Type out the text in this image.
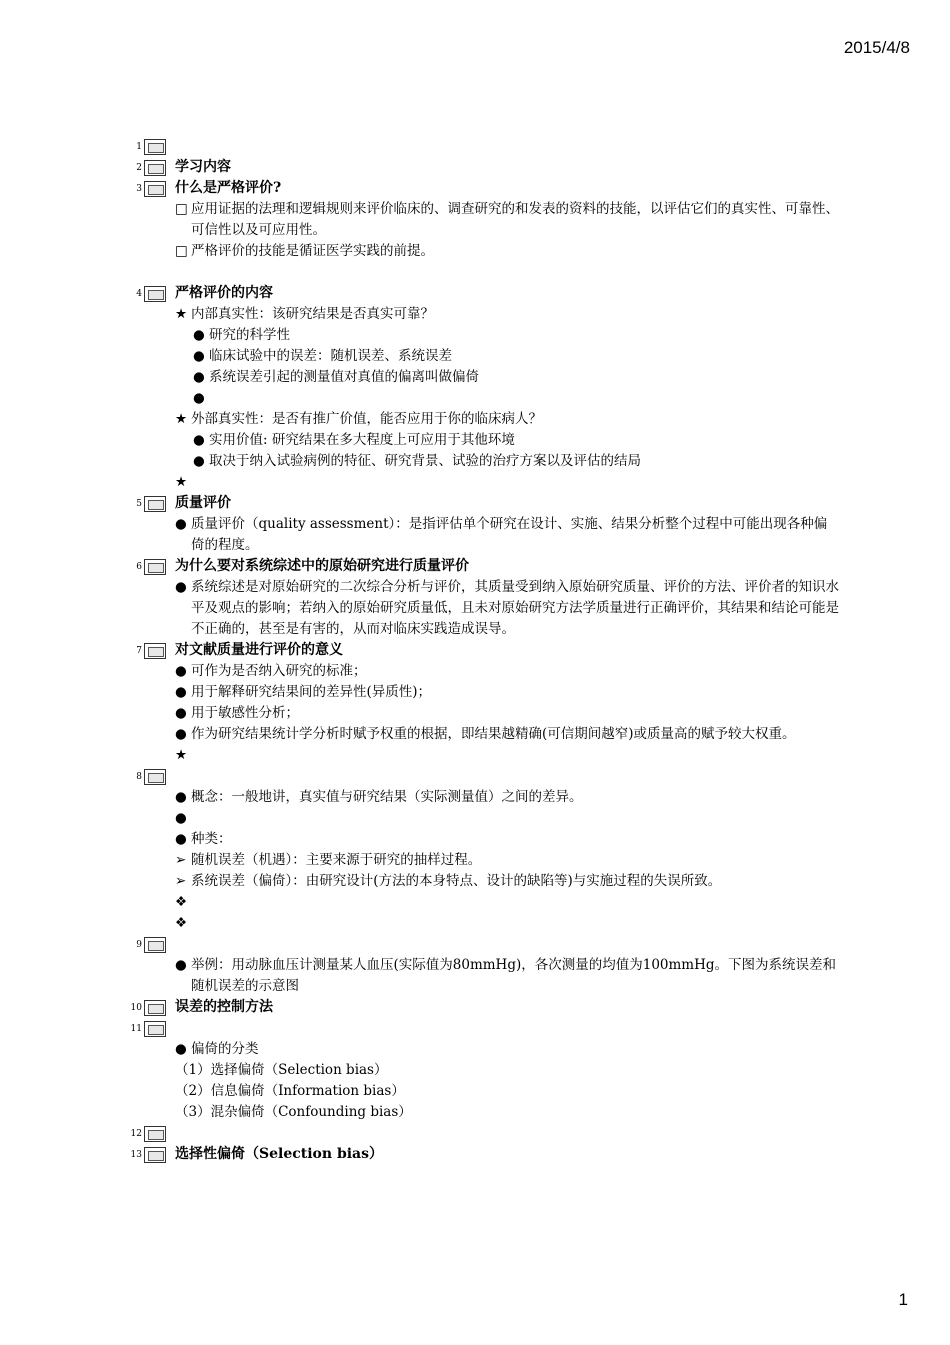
2015/4/8
1
2 学习内容
3 什么是严格评价?
□ 应用证据的法理和逻辑规则来评价临床的、调查研究的和发表的资料的技能，以评估它们的真实性、可靠性、可信性以及可应用性。
□ 严格评价的技能是循证医学实践的前提。
4 严格评价的内容
★ 内部真实性：该研究结果是否真实可靠？
● 研究的科学性
● 临床试验中的误差：随机误差、系统误差
● 系统误差引起的测量值对真值的偏离叫做偏倚
●
★ 外部真实性：是否有推广价值，能否应用于你的临床病人？
● 实用价值: 研究结果在多大程度上可应用于其他环境
● 取决于纳入试验病例的特征、研究背景、试验的治疗方案以及评估的结局
★
5 质量评价
● 质量评价（quality assessment）：是指评估单个研究在设计、实施、结果分析整个过程中可能出现各种偏倚的程度。
6 为什么要对系统综述中的原始研究进行质量评价
● 系统综述是对原始研究的二次综合分析与评价，其质量受到纳入原始研究质量、评价的方法、评价者的知识水平及观点的影响；若纳入的原始研究质量低，且未对原始研究方法学质量进行正确评价，其结果和结论可能是不正确的，甚至是有害的，从而对临床实践造成误导。
7 对文献质量进行评价的意义
● 可作为是否纳入研究的标准；
● 用于解释研究结果间的差异性(异质性)；
● 用于敏感性分析；
● 作为研究结果统计学分析时赋予权重的根据，即结果越精确(可信期间越窄)或质量高的赋予较大权重。
★
8
● 概念：一般地讲，真实值与研究结果（实际测量值）之间的差异。
●
● 种类：
➢ 随机误差（机遇）：主要来源于研究的抽样过程。
➢ 系统误差（偏倚）：由研究设计(方法的本身特点、设计的缺陷等)与实施过程的失误所致。
❖
❖
9
● 举例：用动脉血压计测量某人血压(实际值为80mmHg)，各次测量的均值为100mmHg。下图为系统误差和随机误差的示意图
10 误差的控制方法
11
● 偏倚的分类
（1）选择偏倚（Selection bias）
（2）信息偏倚（Information bias）
（3）混杂偏倚（Confounding bias）
12
13 选择性偏倚（Selection bias）
1
